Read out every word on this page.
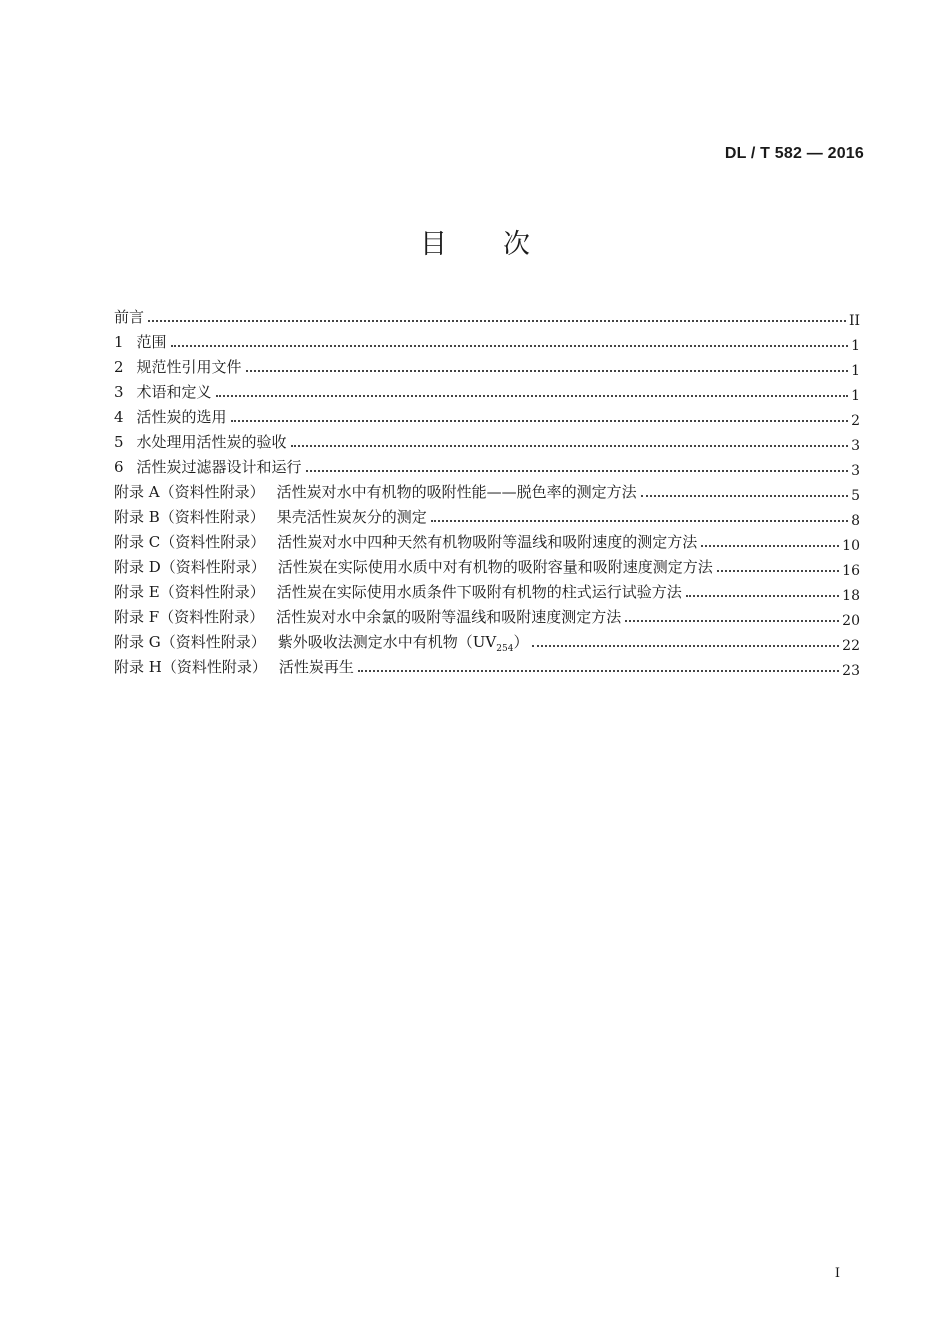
DL / T 582 — 2016
目次
前言	II
1 范围	1
2 规范性引用文件	1
3 术语和定义	1
4 活性炭的选用	2
5 水处理用活性炭的验收	3
6 活性炭过滤器设计和运行	3
附录 A（资料性附录） 活性炭对水中有机物的吸附性能——脱色率的测定方法	5
附录 B（资料性附录） 果壳活性炭灰分的测定	8
附录 C（资料性附录） 活性炭对水中四种天然有机物吸附等温线和吸附速度的测定方法	10
附录 D（资料性附录） 活性炭在实际使用水质中对有机物的吸附容量和吸附速度测定方法	16
附录 E（资料性附录） 活性炭在实际使用水质条件下吸附有机物的柱式运行试验方法	18
附录 F（资料性附录） 活性炭对水中余氯的吸附等温线和吸附速度测定方法	20
附录 G（资料性附录） 紫外吸收法测定水中有机物$(UV_{254})$	22
附录 H（资料性附录） 活性炭再生	23
I
